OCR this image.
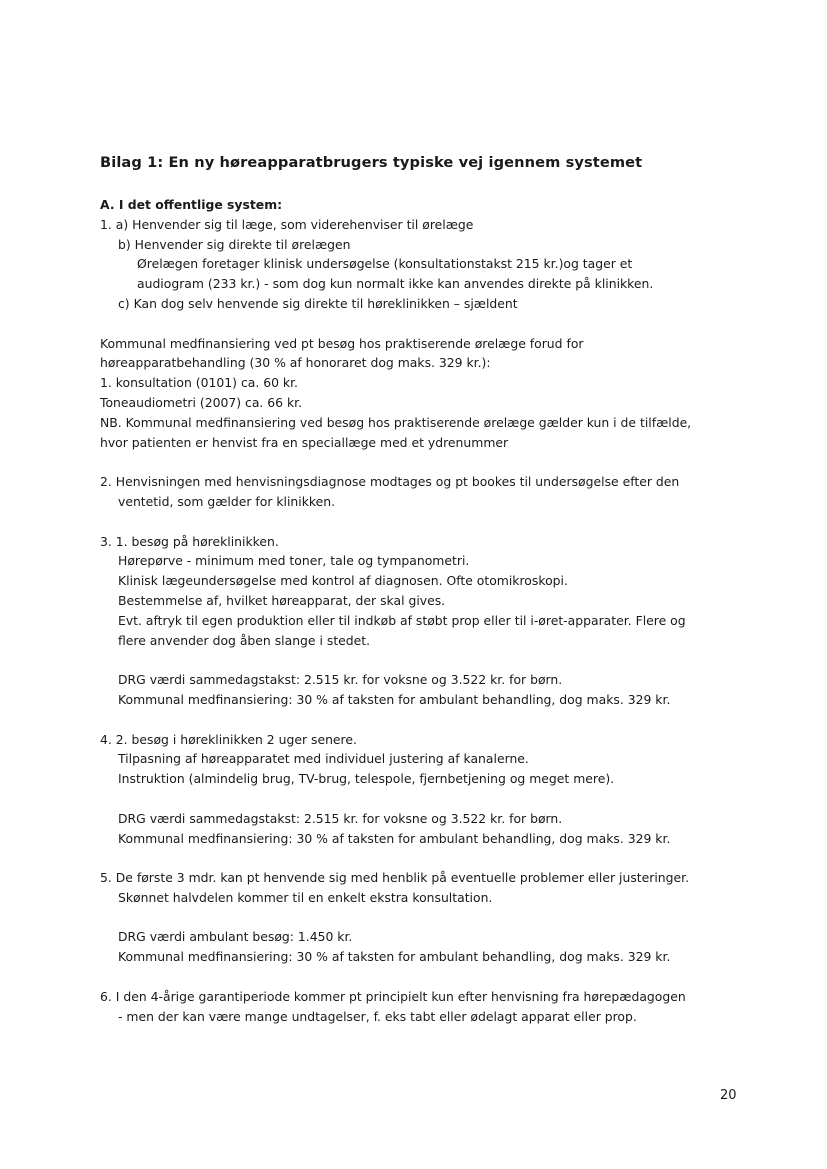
Bilag 1: En ny høreapparatbrugers typiske vej igennem systemet
A. I det offentlige system:
1. a) Henvender sig til læge, som viderehenviser til ørelæge
b) Henvender sig direkte til ørelægen
Ørelægen foretager klinisk undersøgelse (konsultationstakst 215 kr.)og tager et
audiogram (233 kr.) - som dog kun normalt ikke kan anvendes direkte på klinikken.
c) Kan dog selv henvende sig direkte til høreklinikken – sjældent
Kommunal medfinansiering ved pt besøg hos praktiserende ørelæge forud for
høreapparatbehandling (30 % af honoraret dog maks. 329 kr.):
1. konsultation (0101) ca. 60 kr.
Toneaudiometri (2007) ca. 66 kr.
NB. Kommunal medfinansiering ved besøg hos praktiserende ørelæge gælder kun i de tilfælde,
hvor patienten er henvist fra en speciallæge med et ydrenummer
2. Henvisningen med henvisningsdiagnose modtages og pt bookes til undersøgelse efter den
ventetid, som gælder for klinikken.
3. 1. besøg på høreklinikken.
Hørepørve - minimum med toner, tale og tympanometri.
Klinisk lægeundersøgelse med kontrol af diagnosen. Ofte otomikroskopi.
Bestemmelse af, hvilket høreapparat, der skal gives.
Evt. aftryk til egen produktion eller til indkøb af støbt prop eller til i-øret-apparater. Flere og
flere anvender dog åben slange i stedet.
DRG værdi sammedagstakst: 2.515 kr. for voksne og 3.522 kr. for børn.
Kommunal medfinansiering: 30 % af taksten for ambulant behandling, dog maks. 329 kr.
4. 2. besøg i høreklinikken 2 uger senere.
Tilpasning af høreapparatet med individuel justering af kanalerne.
Instruktion (almindelig brug, TV-brug, telespole, fjernbetjening og meget mere).
DRG værdi sammedagstakst: 2.515 kr. for voksne og 3.522 kr. for børn.
Kommunal medfinansiering: 30 % af taksten for ambulant behandling, dog maks. 329 kr.
5. De første 3 mdr. kan pt henvende sig med henblik på eventuelle problemer eller justeringer.
Skønnet halvdelen kommer til en enkelt ekstra konsultation.
DRG værdi ambulant besøg: 1.450 kr.
Kommunal medfinansiering: 30 % af taksten for ambulant behandling, dog maks. 329 kr.
6. I den 4-årige garantiperiode kommer pt principielt kun efter henvisning fra hørepædagogen
- men der kan være mange undtagelser, f. eks tabt eller ødelagt apparat eller prop.
20
